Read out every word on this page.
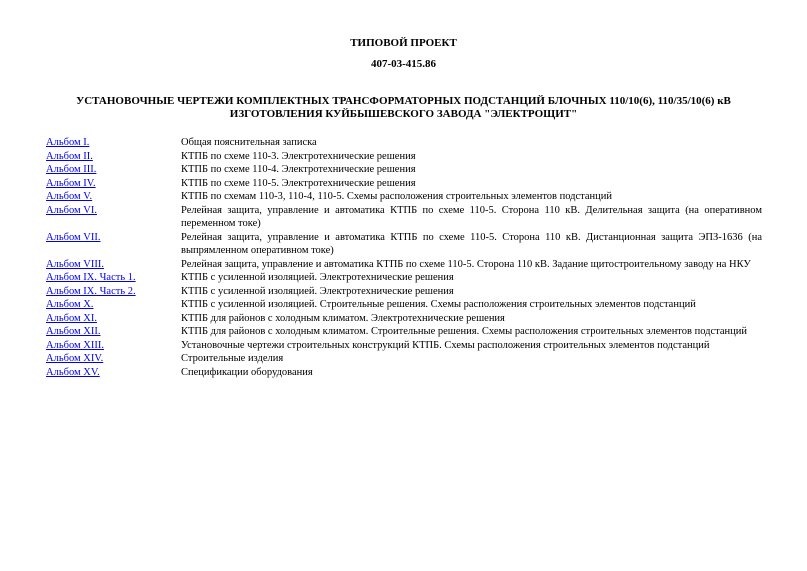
ТИПОВОЙ ПРОЕКТ
407-03-415.86
УСТАНОВОЧНЫЕ ЧЕРТЕЖИ КОМПЛЕКТНЫХ ТРАНСФОРМАТОРНЫХ ПОДСТАНЦИЙ БЛОЧНЫХ 110/10(6), 110/35/10(6) кВ ИЗГОТОВЛЕНИЯ КУЙБЫШЕВСКОГО ЗАВОДА "ЭЛЕКТРОЩИТ"
Альбом I.	Общая пояснительная записка
Альбом II.	КТПБ по схеме 110-3. Электротехнические решения
Альбом III.	КТПБ по схеме 110-4. Электротехнические решения
Альбом IV.	КТПБ по схеме 110-5. Электротехнические решения
Альбом V.	КТПБ по схемам 110-3, 110-4, 110-5. Схемы расположения строительных элементов подстанций
Альбом VI.	Релейная защита, управление и автоматика КТПБ по схеме 110-5. Сторона 110 кВ. Делительная защита (на оперативном переменном токе)
Альбом VII.	Релейная защита, управление и автоматика КТПБ по схеме 110-5. Сторона 110 кВ. Дистанционная защита ЭПЗ-1636 (на выпрямленном оперативном токе)
Альбом VIII.	Релейная защита, управление и автоматика КТПБ по схеме 110-5. Сторона 110 кВ. Задание щитостроительному заводу на НКУ
Альбом IX. Часть 1.	КТПБ с усиленной изоляцией. Электротехнические решения
Альбом IX. Часть 2.	КТПБ с усиленной изоляцией. Электротехнические решения
Альбом X.	КТПБ с усиленной изоляцией. Строительные решения. Схемы расположения строительных элементов подстанций
Альбом XI.	КТПБ для районов с холодным климатом. Электротехнические решения
Альбом XII.	КТПБ для районов с холодным климатом. Строительные решения. Схемы расположения строительных элементов подстанций
Альбом XIII.	Установочные чертежи строительных конструкций КТПБ. Схемы расположения строительных элементов подстанций
Альбом XIV.	Строительные изделия
Альбом XV.	Спецификации оборудования
